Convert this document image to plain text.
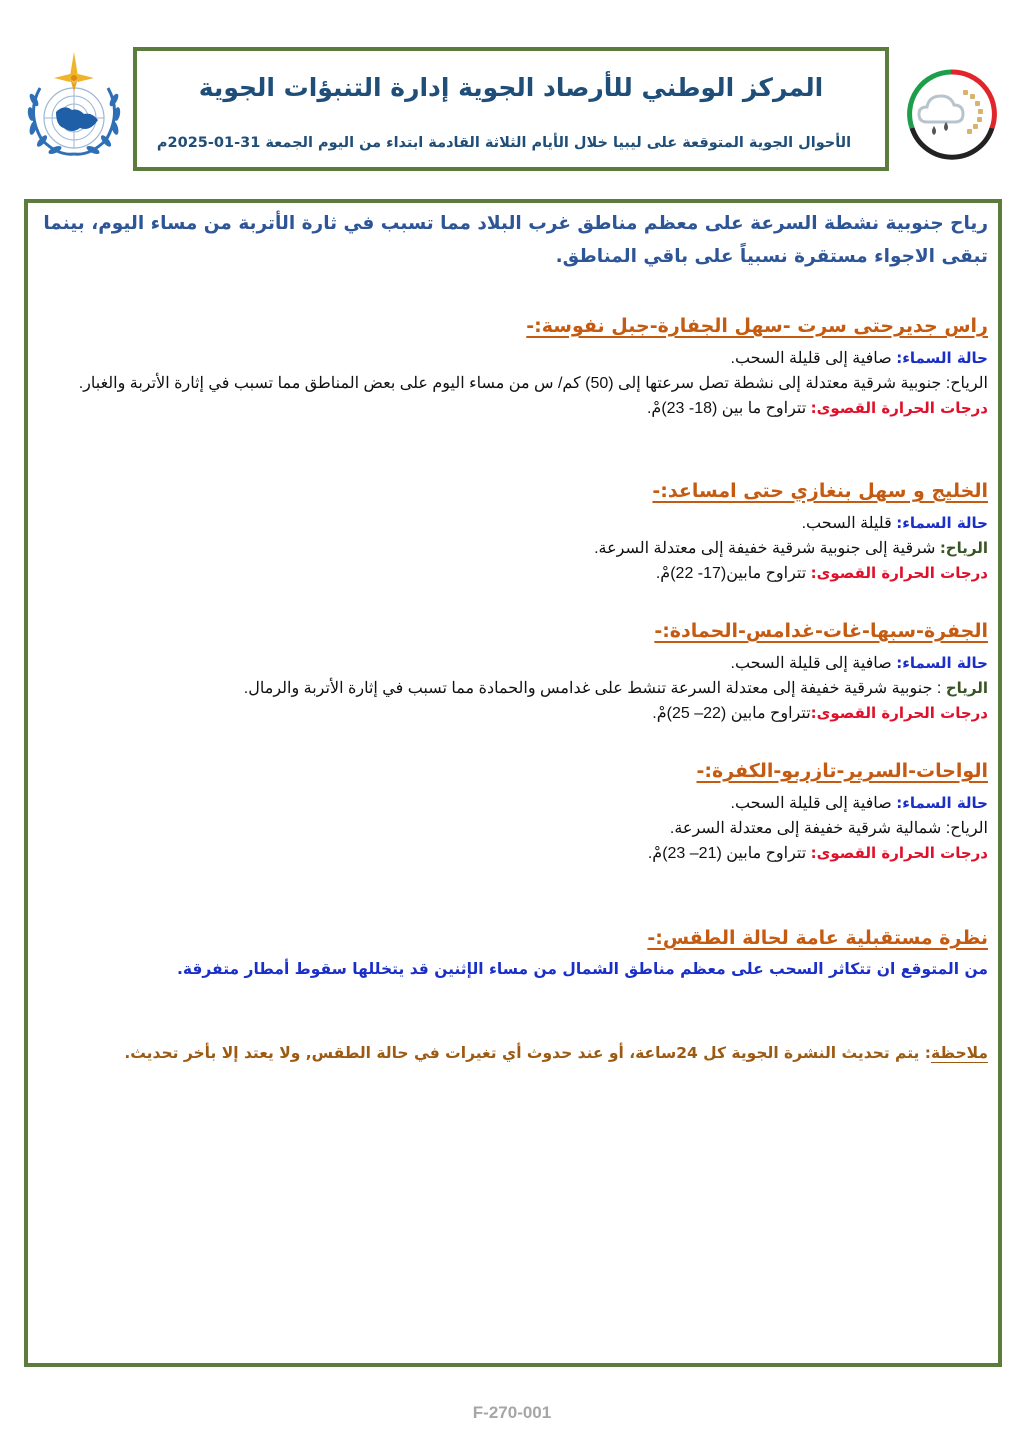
المركز الوطني للأرصاد الجوية إدارة التنبؤات الجوية
الأحوال الجوية المتوقعة على ليبيا خلال الأيام الثلاثة القادمة ابتداء من اليوم الجمعة 31-01-2025م
رياح جنوبية نشطة السرعة على معظم مناطق غرب البلاد مما تسبب في ثارة الأتربة من مساء اليوم، بينما تبقى الاجواء مستقرة نسبياً على باقي المناطق.
راس جديرحتى سرت -سهل الجفارة-جبل نفوسة:-
حالة السماء: صافية إلى قليلة السحب.
الرياح: جنوبية شرقية معتدلة إلى نشطة تصل سرعتها إلى (50) كم/ س من مساء اليوم على بعض المناطق مما تسبب في إثارة الأتربة والغبار.
درجات الحرارة القصوى: تتراوح ما بين (18- 23)مْ.
الخليج و سهل بنغازي حتى امساعد:-
حالة السماء: قليلة السحب.
الرياح: شرقية إلى جنوبية شرقية خفيفة إلى معتدلة السرعة.
درجات الحرارة القصوى: تتراوح مابين(17- 22)مْ.
الجفرة-سبها-غات-غدامس-الحمادة:-
حالة السماء: صافية إلى قليلة السحب.
الرياح : جنوبية شرقية خفيفة إلى معتدلة السرعة تنشط على غدامس والحمادة مما تسبب في إثارة الأتربة والرمال.
درجات الحرارة القصوى:تتراوح مابين (22– 25)مْ.
الواحات-السرير-تازربو-الكفرة:-
حالة السماء: صافية إلى قليلة السحب.
الرياح: شمالية شرقية خفيفة إلى معتدلة السرعة.
درجات الحرارة القصوى: تتراوح مابين (21– 23)مْ.
نظرة مستقبلية عامة لحالة الطقس:-
من المتوقع ان تتكاثر السحب على معظم مناطق الشمال من مساء الإثنين قد يتخللها سقوط أمطار متفرقة.
ملاحظة: يتم تحديث النشرة الجوية كل 24ساعة، أو عند حدوث أي تغيرات في حالة الطقس, ولا يعتد إلا بأخر تحديث.
F-270-001
